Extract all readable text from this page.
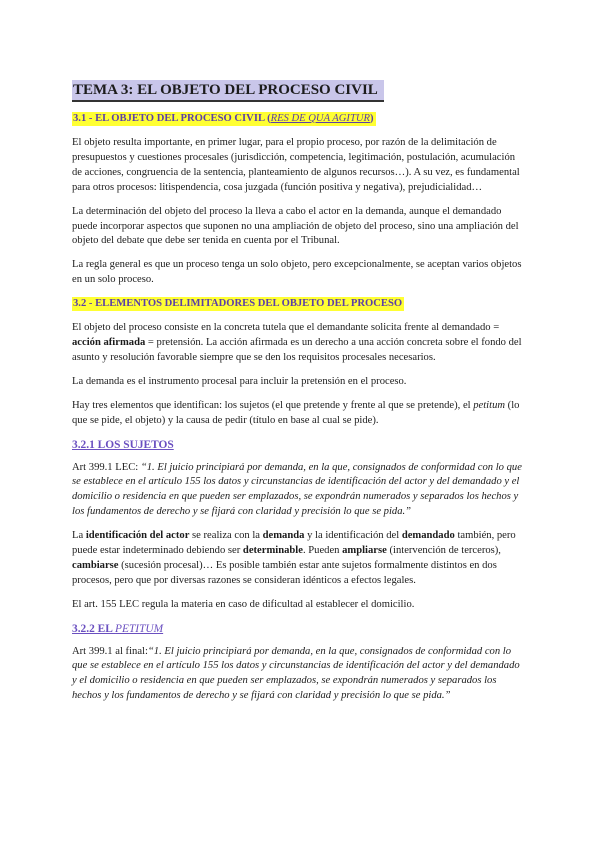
TEMA 3: EL OBJETO DEL PROCESO CIVIL
3.1 - EL OBJETO DEL PROCESO CIVIL (RES DE QUA AGITUR)

El objeto resulta importante, en primer lugar, para el propio proceso, por razón de la delimitación de presupuestos y cuestiones procesales (jurisdicción, competencia, legitimación, postulación, acumulación de acciones, congruencia de la sentencia, planteamiento de algunos recursos…). A su vez, es fundamental para otros procesos: litispendencia, cosa juzgada (función positiva y negativa), prejudicialidad…

La determinación del objeto del proceso la lleva a cabo el actor en la demanda, aunque el demandado puede incorporar aspectos que suponen no una ampliación de objeto del proceso, sino una ampliación del objeto del debate que debe ser tenida en cuenta por el Tribunal.

La regla general es que un proceso tenga un solo objeto, pero excepcionalmente, se aceptan varios objetos en un solo proceso.

3.2 - ELEMENTOS DELIMITADORES DEL OBJETO DEL PROCESO

El objeto del proceso consiste en la concreta tutela que el demandante solicita frente al demandado = acción afirmada = pretensión. La acción afirmada es un derecho a una acción concreta sobre el fondo del asunto y resolución favorable siempre que se den los requisitos procesales necesarios.

La demanda es el instrumento procesal para incluir la pretensión en el proceso.

Hay tres elementos que identifican: los sujetos (el que pretende y frente al que se pretende), el petitum (lo que se pide, el objeto) y la causa de pedir (título en base al cual se pide).

3.2.1 LOS SUJETOS

Art 399.1 LEC: “1. El juicio principiará por demanda, en la que, consignados de conformidad con lo que se establece en el artículo 155 los datos y circunstancias de identificación del actor y del demandado y el domicilio o residencia en que pueden ser emplazados, se expondrán numerados y separados los hechos y los fundamentos de derecho y se fijará con claridad y precisión lo que se pida.”

La identificación del actor se realiza con la demanda y la identificación del demandado también, pero puede estar indeterminado debiendo ser determinable. Pueden ampliarse (intervención de terceros), cambiarse (sucesión procesal)… Es posible también estar ante sujetos formalmente distintos en dos procesos, pero que por diversas razones se consideran idénticos a efectos legales.

El art. 155 LEC regula la materia en caso de dificultad al establecer el domicilio.

3.2.2 EL PETITUM

Art 399.1 al final:“1. El juicio principiará por demanda, en la que, consignados de conformidad con lo que se establece en el artículo 155 los datos y circunstancias de identificación del actor y del demandado y el domicilio o residencia en que pueden ser emplazados, se expondrán numerados y separados los hechos y los fundamentos de derecho y se fijará con claridad y precisión lo que se pida.”
